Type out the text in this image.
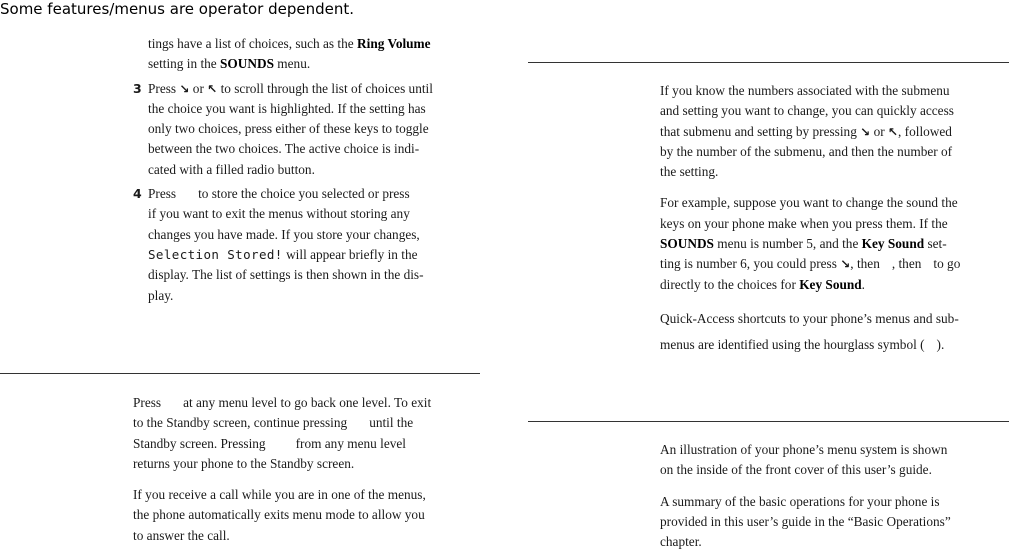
Some features/menus are operator dependent.

tings have a list of choices, such as the Ring Volume
setting in the SOUNDS menu.

3 Press ↘ or ↖ to scroll through the list of choices until
the choice you want is highlighted. If the setting has
only two choices, press either of these keys to toggle
between the two choices. The active choice is indi-
cated with a filled radio button.

4 Press to store the choice you selected or press
if you want to exit the menus without storing any
changes you have made. If you store your changes,
Selection Stored! will appear briefly in the
display. The list of settings is then shown in the dis-
play.

Press at any menu level to go back one level. To exit
to the Standby screen, continue pressing until the
Standby screen. Pressing from any menu level
returns your phone to the Standby screen.

If you receive a call while you are in one of the menus,
the phone automatically exits menu mode to allow you
to answer the call.

If you know the numbers associated with the submenu
and setting you want to change, you can quickly access
that submenu and setting by pressing ↘ or ↖, followed
by the number of the submenu, and then the number of
the setting.

For example, suppose you want to change the sound the
keys on your phone make when you press them. If the
SOUNDS menu is number 5, and the Key Sound set-
ting is number 6, you could press ↘, then , then to go
directly to the choices for Key Sound.

Quick-Access shortcuts to your phone’s menus and sub-
menus are identified using the hourglass symbol ( ).

An illustration of your phone’s menu system is shown
on the inside of the front cover of this user’s guide.

A summary of the basic operations for your phone is
provided in this user’s guide in the “Basic Operations”
chapter.
